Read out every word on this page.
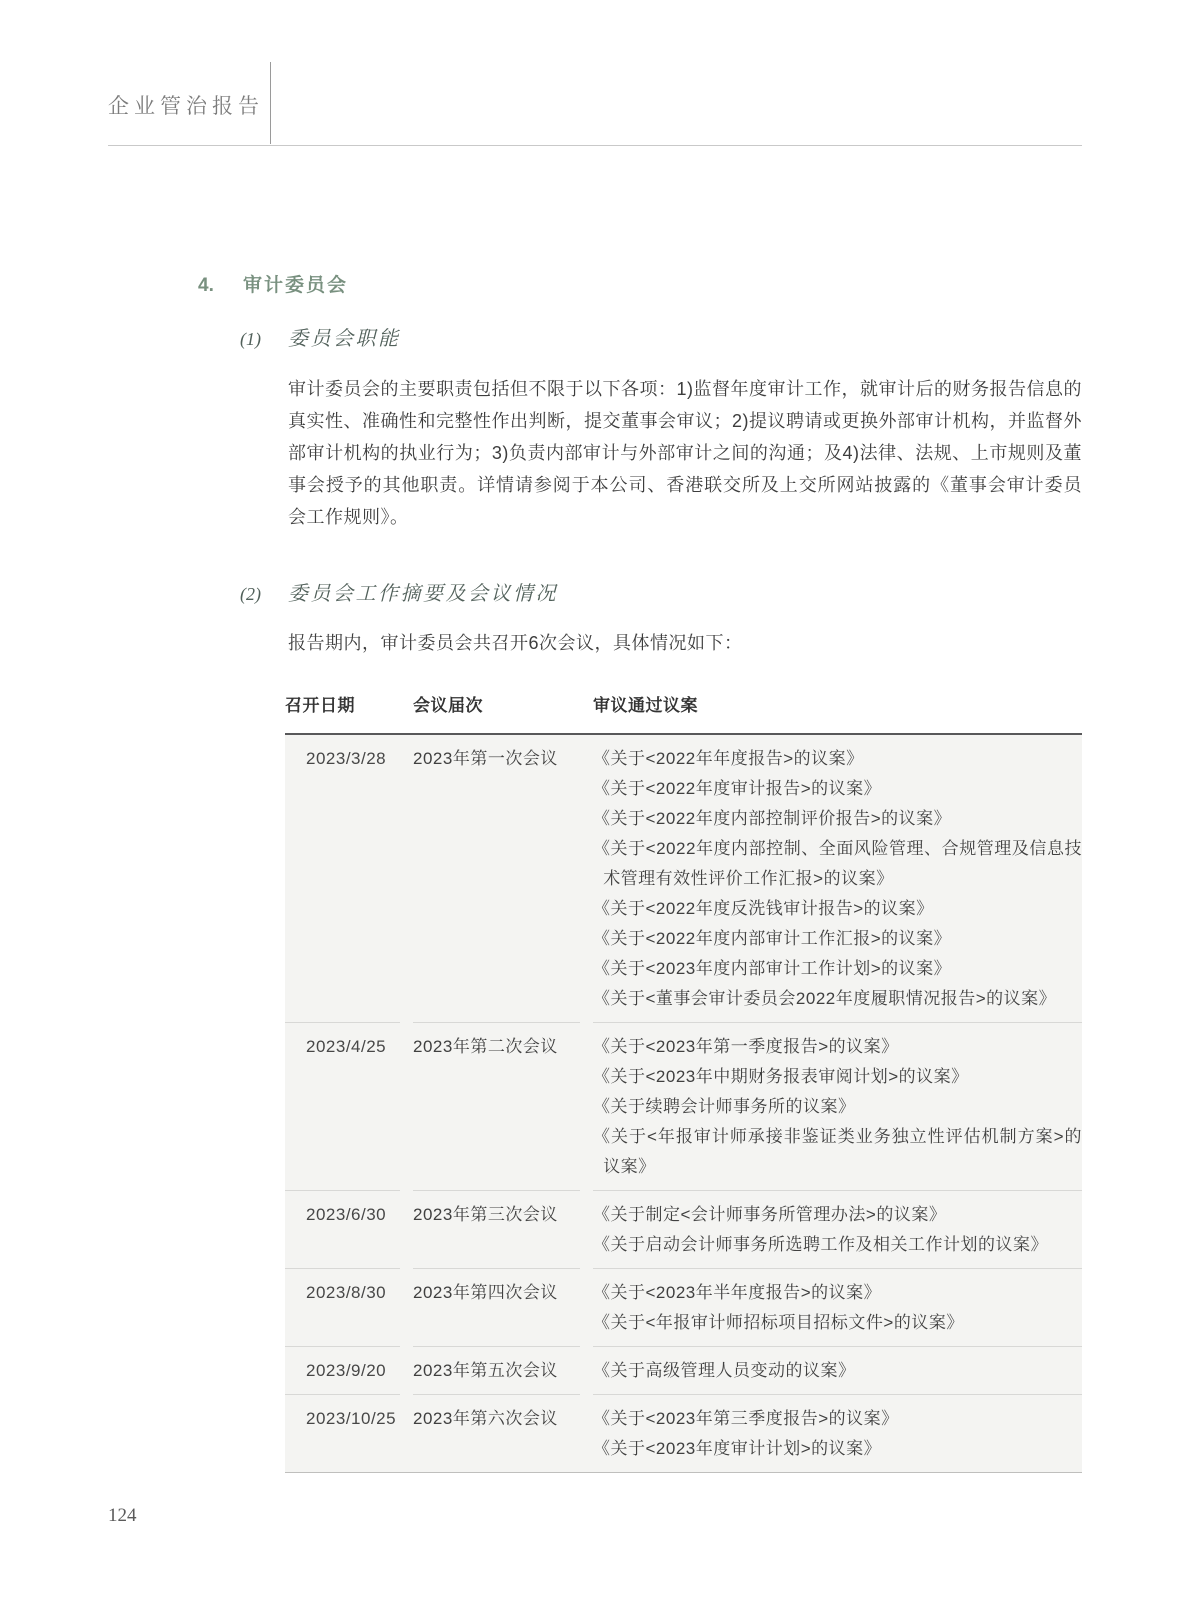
企业管治报告
4.	审计委员会
(1)	委员会职能
审计委员会的主要职责包括但不限于以下各项：1)监督年度审计工作，就审计后的财务报告信息的真实性、准确性和完整性作出判断，提交董事会审议；2)提议聘请或更换外部审计机构，并监督外部审计机构的执业行为；3)负责内部审计与外部审计之间的沟通；及4)法律、法规、上市规则及董事会授予的其他职责。详情请参阅于本公司、香港联交所及上交所网站披露的《董事会审计委员会工作规则》。
(2)	委员会工作摘要及会议情况
报告期内，审计委员会共召开6次会议，具体情况如下：
召开日期	会议届次	审议通过议案
2023/3/28	2023年第一次会议	《关于<2022年年度报告>的议案》
《关于<2022年度审计报告>的议案》
《关于<2022年度内部控制评价报告>的议案》
《关于<2022年度内部控制、全面风险管理、合规管理及信息技术管理有效性评价工作汇报>的议案》
《关于<2022年度反洗钱审计报告>的议案》
《关于<2022年度内部审计工作汇报>的议案》
《关于<2023年度内部审计工作计划>的议案》
《关于<董事会审计委员会2022年度履职情况报告>的议案》
2023/4/25	2023年第二次会议	《关于<2023年第一季度报告>的议案》
《关于<2023年中期财务报表审阅计划>的议案》
《关于续聘会计师事务所的议案》
《关于<年报审计师承接非鉴证类业务独立性评估机制方案>的议案》
2023/6/30	2023年第三次会议	《关于制定<会计师事务所管理办法>的议案》
《关于启动会计师事务所选聘工作及相关工作计划的议案》
2023/8/30	2023年第四次会议	《关于<2023年半年度报告>的议案》
《关于<年报审计师招标项目招标文件>的议案》
2023/9/20	2023年第五次会议	《关于高级管理人员变动的议案》
2023/10/25 2023年第六次会议	《关于<2023年第三季度报告>的议案》
《关于<2023年度审计计划>的议案》
124
